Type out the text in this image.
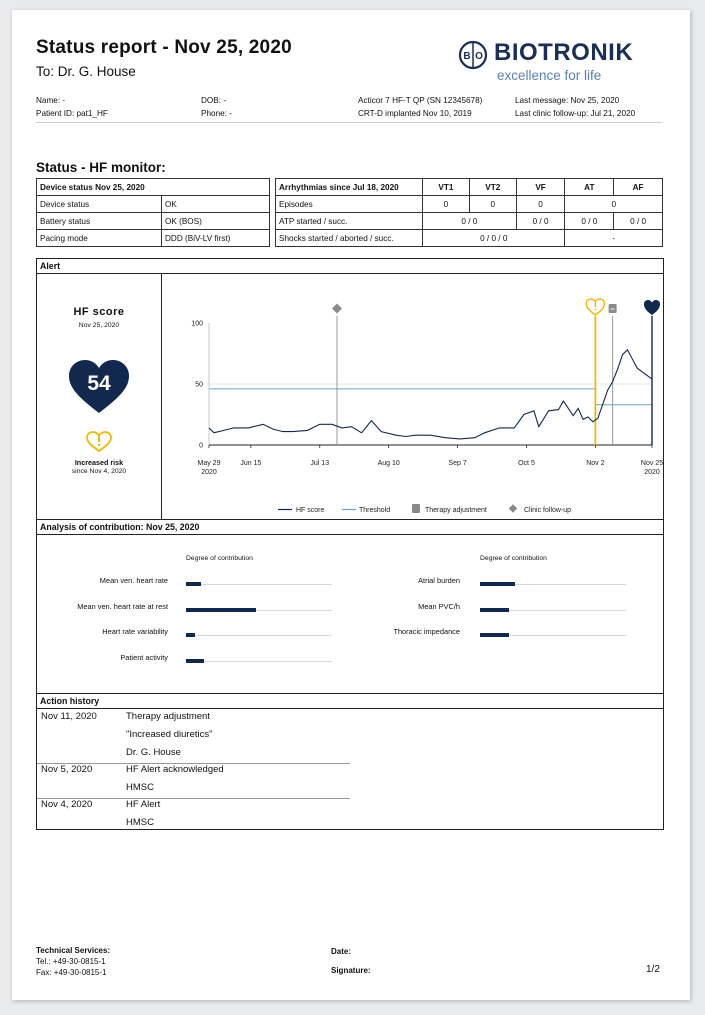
Status report - Nov 25, 2020
To: Dr. G. House
B O BIOTRONIK
excellence for life
Name: -
Patient ID: pat1_HF
DOB: -
Phone: -
Acticor 7 HF-T QP (SN 12345678)
CRT-D implanted Nov 10, 2019
Last message: Nov 25, 2020
Last clinic follow-up: Jul 21, 2020
Status - HF monitor:
Device status Nov 25, 2020	
Device status	OK
Battery status	OK (BOS)
Pacing mode	DDD (BiV-LV first)
Arrhythmias since Jul 18, 2020	VT1	VT2	VF	AT	AF
Episodes	0	0	0	0	
ATP started / succ.	0 / 0		0 / 0	0 / 0	0 / 0
Shocks started / aborted / succ.	0 / 0 / 0			-	
Alert
HF score
Nov 25, 2020
54
Increased risk
since Nov 4, 2020
100
50
0
May 29
2020
Jun 15	Jul 13	Aug 10	Sep 7	Oct 5	Nov 2	Nov 25
2020
HF score	Threshold	Therapy adjustment	Clinic follow-up
Analysis of contribution: Nov 25, 2020
Degree of contribution	Degree of contribution
Mean ven. heart rate
Mean ven. heart rate at rest
Heart rate variability
Patient activity
Atrial burden
Mean PVC/h
Thoracic impedance
Action history
Nov 11, 2020	Therapy adjustment
"Increased diuretics"
Dr. G. House
Nov 5, 2020	HF Alert acknowledged
HMSC
Nov 4, 2020	HF Alert
HMSC
Technical Services:
Tel.: +49-30-0815-1
Fax: +49-30-0815-1
Date:
Signature:	1/2
